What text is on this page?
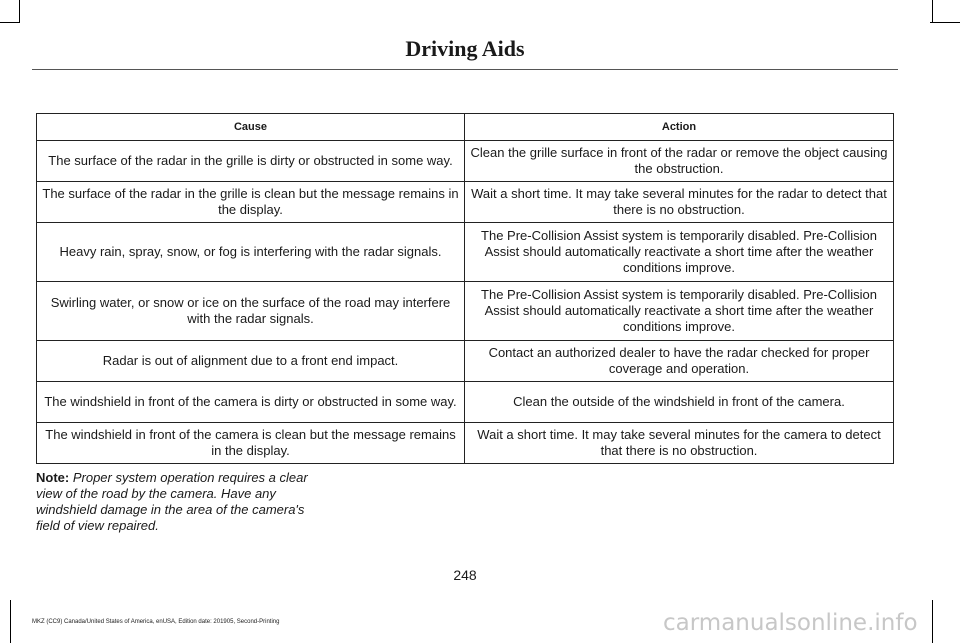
Driving Aids
Cause	Action
The surface of the radar in the grille is dirty or obstructed in some way.	Clean the grille surface in front of the radar or remove the object causing the obstruction.
The surface of the radar in the grille is clean but the message remains in the display.	Wait a short time. It may take several minutes for the radar to detect that there is no obstruction.
Heavy rain, spray, snow, or fog is interfering with the radar signals.	The Pre-Collision Assist system is temporarily disabled. Pre-Collision Assist should automatically reactivate a short time after the weather conditions improve.
Swirling water, or snow or ice on the surface of the road may interfere with the radar signals.	The Pre-Collision Assist system is temporarily disabled. Pre-Collision Assist should automatically reactivate a short time after the weather conditions improve.
Radar is out of alignment due to a front end impact.	Contact an authorized dealer to have the radar checked for proper coverage and operation.
The windshield in front of the camera is dirty or obstructed in some way.	Clean the outside of the windshield in front of the camera.
The windshield in front of the camera is clean but the message remains in the display.	Wait a short time. It may take several minutes for the camera to detect that there is no obstruction.
Note: Proper system operation requires a clear view of the road by the camera. Have any windshield damage in the area of the camera's field of view repaired.
248
MKZ (CC9) Canada/United States of America, enUSA, Edition date: 201905, Second-Printing	carmanualsonline.info
